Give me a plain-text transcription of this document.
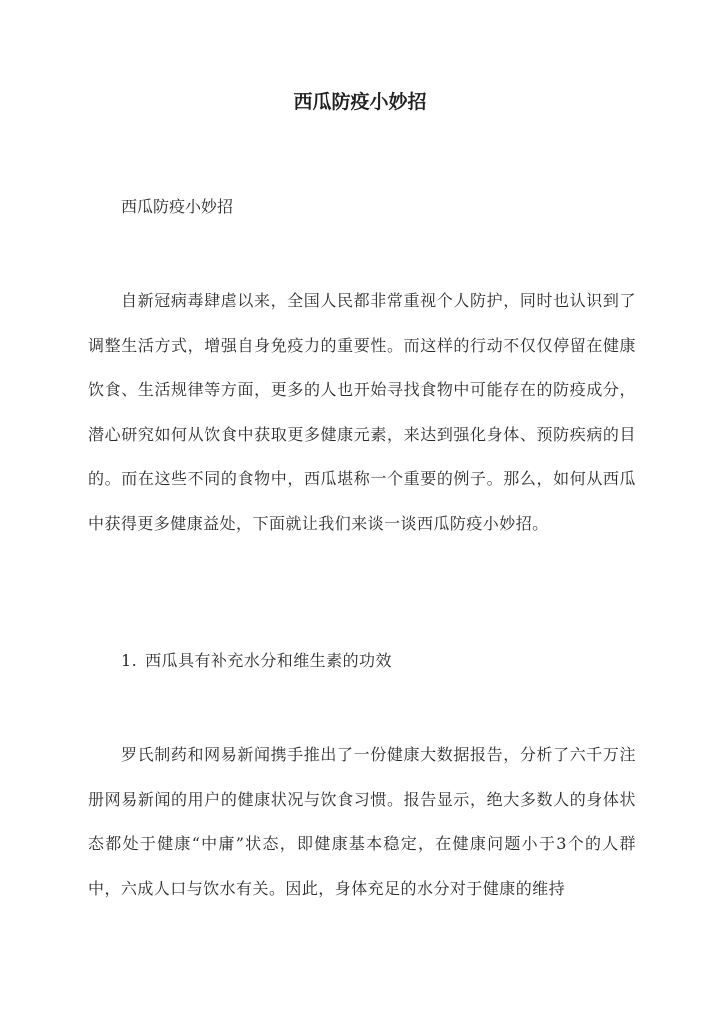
西瓜防疫小妙招
西瓜防疫小妙招

自新冠病毒肆虐以来，全国人民都非常重视个人防护，同时也认识到了调整生活方式，增强自身免疫力的重要性。而这样的行动不仅仅停留在健康饮食、生活规律等方面，更多的人也开始寻找食物中可能存在的防疫成分，潜心研究如何从饮食中获取更多健康元素，来达到强化身体、预防疾病的目的。而在这些不同的食物中，西瓜堪称一个重要的例子。那么，如何从西瓜中获得更多健康益处，下面就让我们来谈一谈西瓜防疫小妙招。

1. 西瓜具有补充水分和维生素的功效

罗氏制药和网易新闻携手推出了一份健康大数据报告，分析了六千万注册网易新闻的用户的健康状况与饮食习惯。报告显示，绝大多数人的身体状态都处于健康“中庸”状态，即健康基本稳定，在健康问题小于3个的人群中，六成人口与饮水有关。因此，身体充足的水分对于健康的维持
